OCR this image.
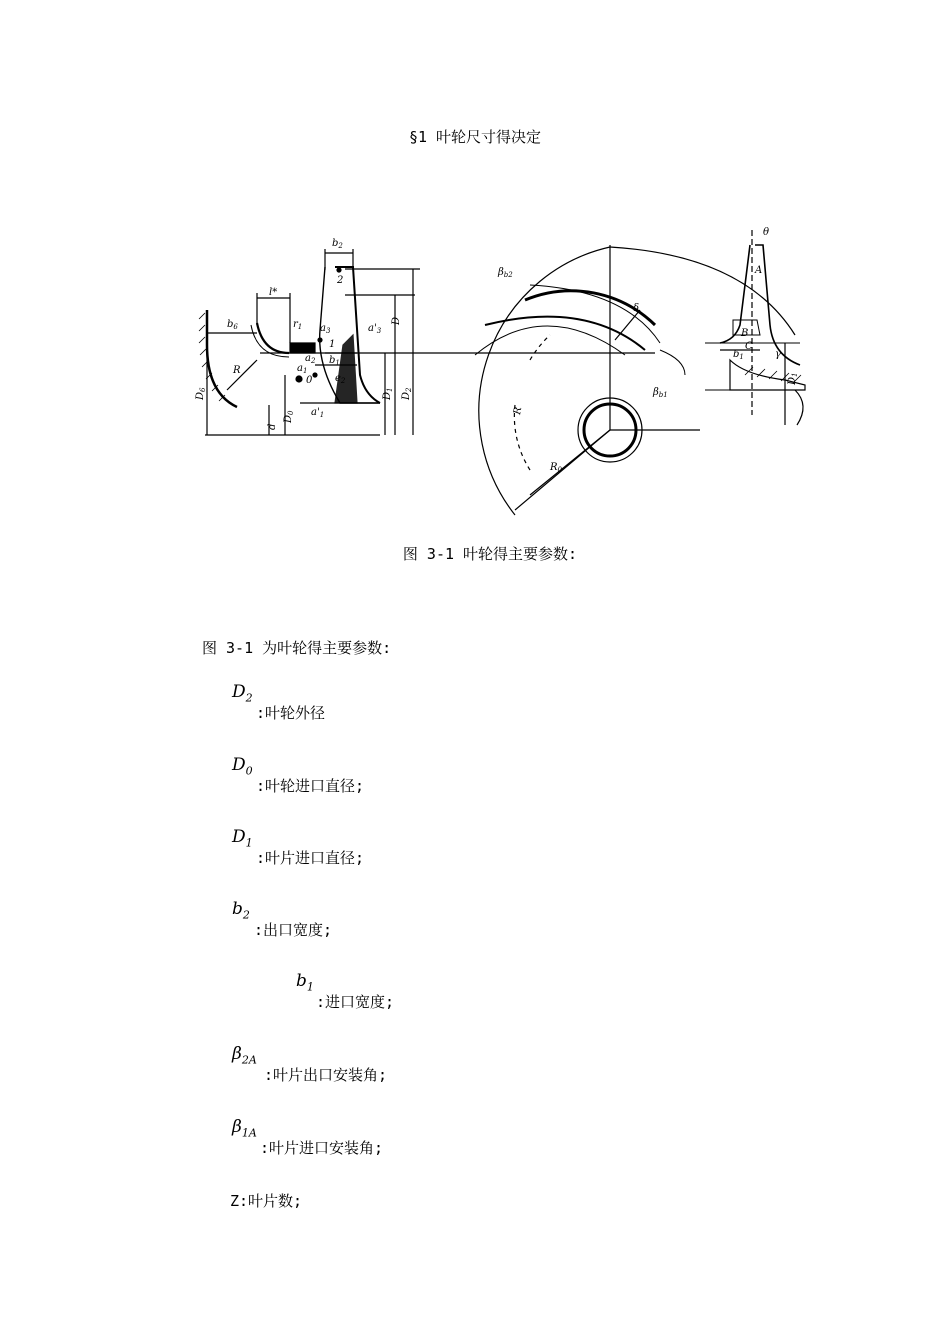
§1 叶轮尺寸得决定
$b_2$
2
l*
$b_6$	$r_1$ $a_3$	$a'_3$
D
1
$a_2$
$a_1$
$b_1$
$e_2$
0
R
$D_6$
$D_0$
d
$a'_1$
$D_1$
$D_2$
$\beta_{b2}$
δ
R
$R_0$
$\beta_{b1}$
θ
A
B
C
$b_1$	γ
$D_1$
图 3-1 叶轮得主要参数:
图 3-1 为叶轮得主要参数:
$D_2$
:叶轮外径
$D_0$
:叶轮进口直径;
$D_1$
:叶片进口直径;
$b_2$
:出口宽度;
$b_1$
:进口宽度;
$\beta_{2A}$
:叶片出口安装角;
$\beta_{1A}$
:叶片进口安装角;
Z:叶片数;
